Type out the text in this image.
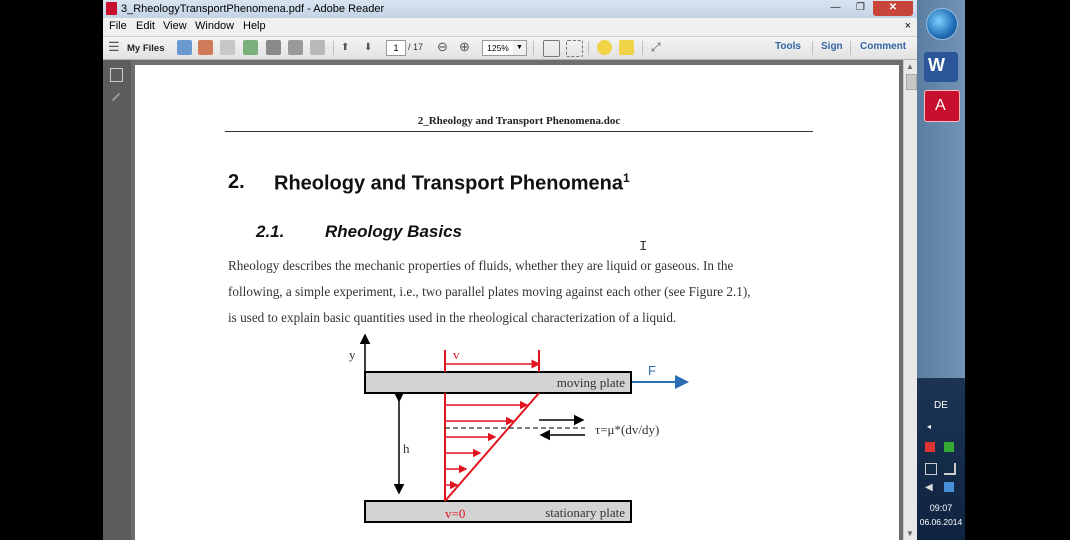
3_RheologyTransportPhenomena.pdf - Adobe Reader	—	❐	✕
File Edit View Window Help	×
☰ My Files	⬆ ⬇	1	/ 17 ⊖ ⊕	125%	▼	⤢	Tools Sign Comment
2_Rheology and Transport Phenomena.doc
2. Rheology and Transport Phenomena$^1$
2.1. Rheology Basics
I
Rheology describes the mechanic properties of fluids, whether they are liquid or gaseous. In the
following, a simple experiment, i.e., two parallel plates moving against each other (see Figure 2.1),
is used to explain basic quantities used in the rheological characterization of a liquid.
y
moving plate
stationary plate
v
F
v=0
h
τ=μ*(dv/dy)
▲
▼
W
A
DE
◂
◀
09:07
06.06.2014
